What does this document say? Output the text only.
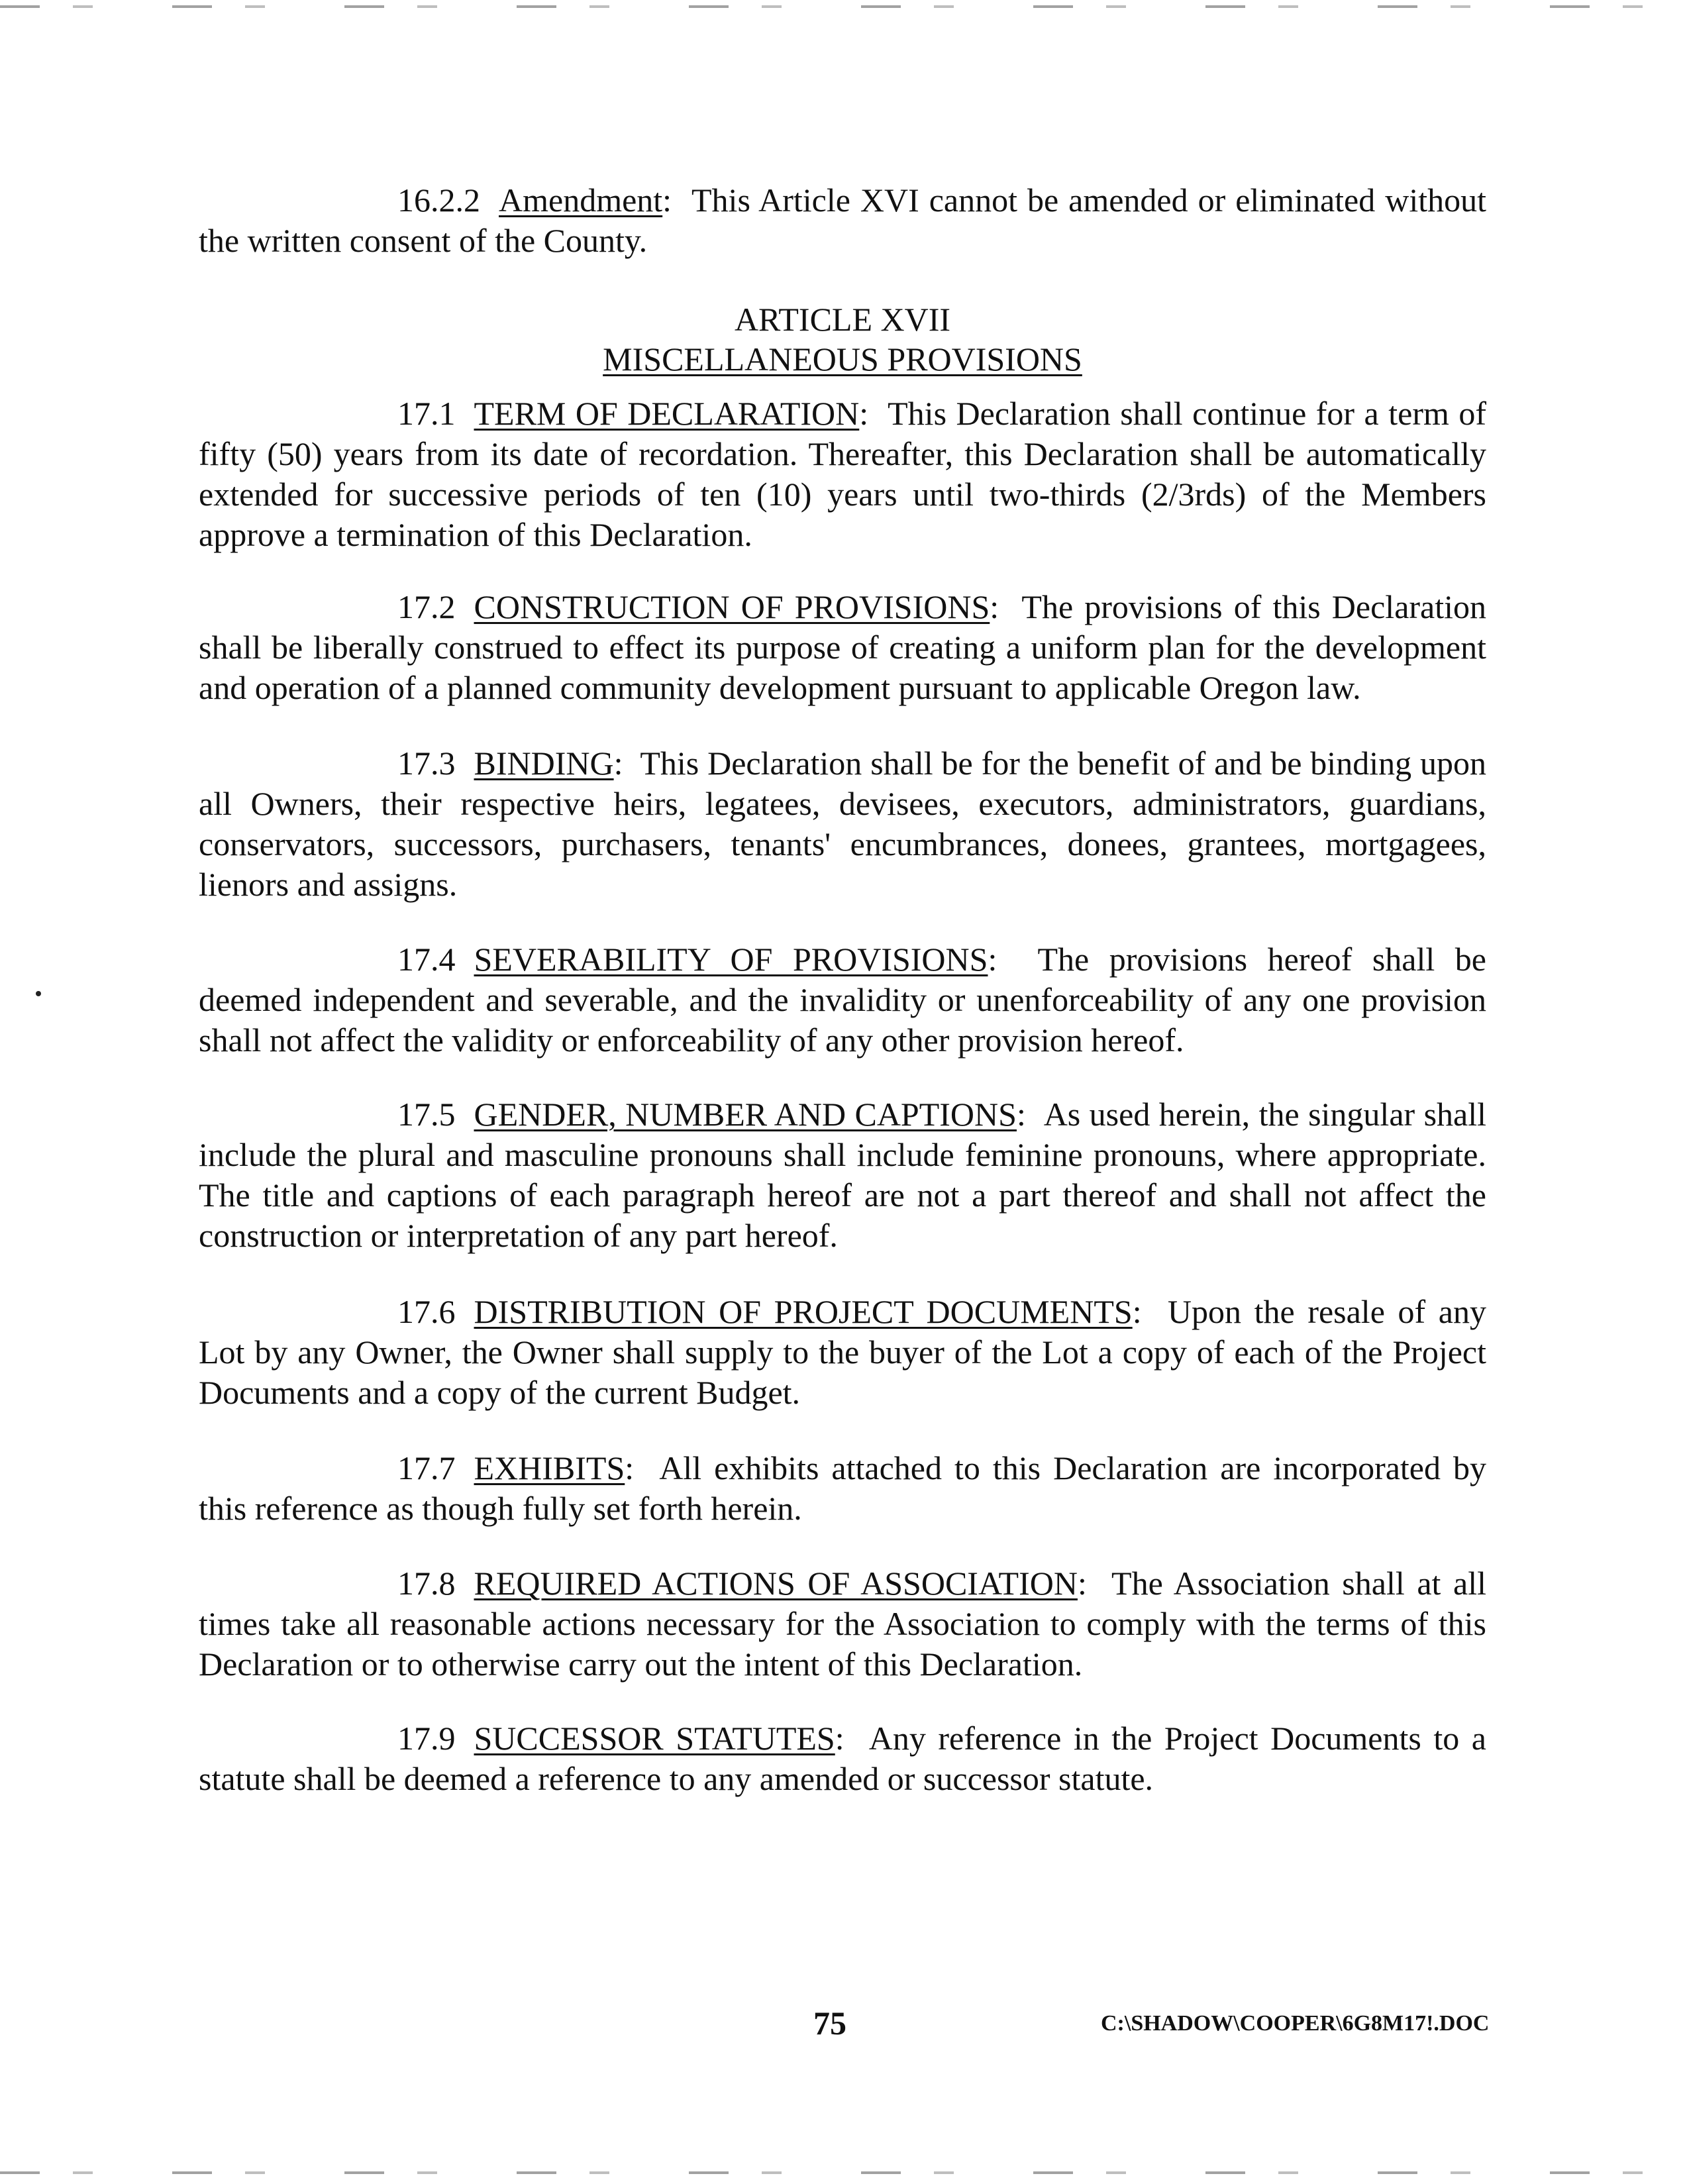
16.2.2 Amendment: This Article XVI cannot be amended or eliminated without the written consent of the County.

ARTICLE XVII
MISCELLANEOUS PROVISIONS

17.1 TERM OF DECLARATION: This Declaration shall continue for a term of fifty (50) years from its date of recordation. Thereafter, this Declaration shall be automatically extended for successive periods of ten (10) years until two-thirds (2/3rds) of the Members approve a termination of this Declaration.

17.2 CONSTRUCTION OF PROVISIONS: The provisions of this Declaration shall be liberally construed to effect its purpose of creating a uniform plan for the development and operation of a planned community development pursuant to applicable Oregon law.

17.3 BINDING: This Declaration shall be for the benefit of and be binding upon all Owners, their respective heirs, legatees, devisees, executors, administrators, guardians, conservators, successors, purchasers, tenants' encumbrances, donees, grantees, mortgagees, lienors and assigns.

17.4 SEVERABILITY OF PROVISIONS: The provisions hereof shall be deemed independent and severable, and the invalidity or unenforceability of any one provision shall not affect the validity or enforceability of any other provision hereof.

17.5 GENDER, NUMBER AND CAPTIONS: As used herein, the singular shall include the plural and masculine pronouns shall include feminine pronouns, where appropriate. The title and captions of each paragraph hereof are not a part thereof and shall not affect the construction or interpretation of any part hereof.

17.6 DISTRIBUTION OF PROJECT DOCUMENTS: Upon the resale of any Lot by any Owner, the Owner shall supply to the buyer of the Lot a copy of each of the Project Documents and a copy of the current Budget.

17.7 EXHIBITS: All exhibits attached to this Declaration are incorporated by this reference as though fully set forth herein.

17.8 REQUIRED ACTIONS OF ASSOCIATION: The Association shall at all times take all reasonable actions necessary for the Association to comply with the terms of this Declaration or to otherwise carry out the intent of this Declaration.

17.9 SUCCESSOR STATUTES: Any reference in the Project Documents to a statute shall be deemed a reference to any amended or successor statute.

75	C:\SHADOW\COOPER\6G8M17!.DOC
